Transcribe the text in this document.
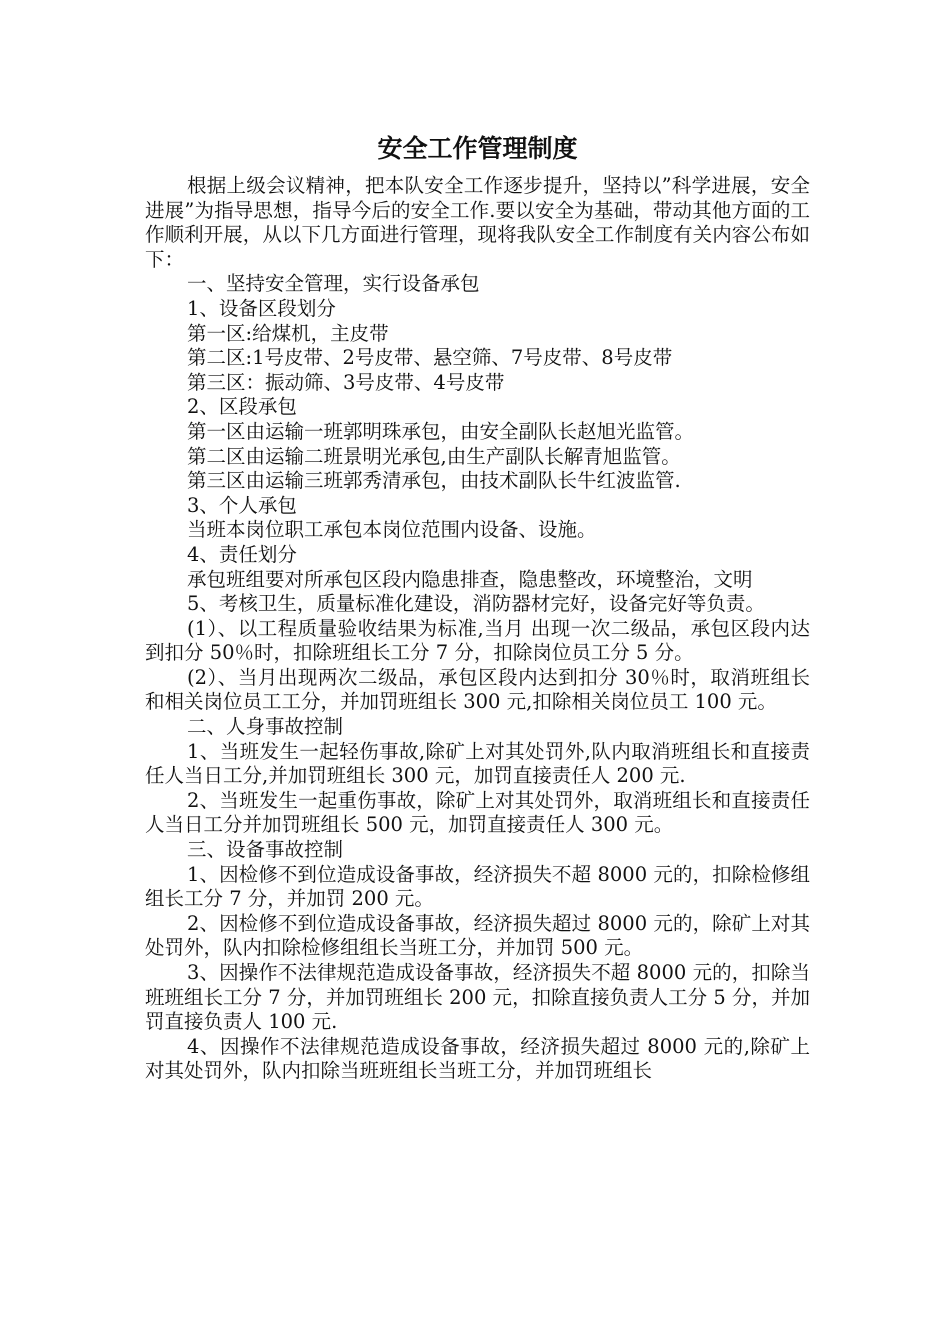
安全工作管理制度

根据上级会议精神，把本队安全工作逐步提升，坚持以”科学进展，安全进展”为指导思想，指导今后的安全工作.要以安全为基础，带动其他方面的工作顺利开展，从以下几方面进行管理，现将我队安全工作制度有关内容公布如下：

一、坚持安全管理，实行设备承包

1、设备区段划分

第一区:给煤机，主皮带

第二区:1号皮带、2号皮带、悬空筛、7号皮带、8号皮带

第三区：振动筛、3号皮带、4号皮带

2、区段承包

第一区由运输一班郭明珠承包，由安全副队长赵旭光监管。

第二区由运输二班景明光承包,由生产副队长解青旭监管。

第三区由运输三班郭秀清承包，由技术副队长牛红波监管.

3、个人承包

当班本岗位职工承包本岗位范围内设备、设施。

4、责任划分

承包班组要对所承包区段内隐患排查，隐患整改，环境整治，文明

5、考核卫生，质量标准化建设，消防器材完好，设备完好等负责。

(1）、以工程质量验收结果为标准,当月 出现一次二级品，承包区段内达到扣分 50％时，扣除班组长工分 7 分，扣除岗位员工分 5 分。

(2）、当月出现两次二级品，承包区段内达到扣分 30％时，取消班组长和相关岗位员工工分，并加罚班组长 300 元,扣除相关岗位员工 100 元。

二、人身事故控制

1、当班发生一起轻伤事故,除矿上对其处罚外,队内取消班组长和直接责任人当日工分,并加罚班组长 300 元，加罚直接责任人 200 元.

2、当班发生一起重伤事故，除矿上对其处罚外，取消班组长和直接责任人当日工分并加罚班组长 500 元，加罚直接责任人 300 元。

三、设备事故控制

1、因检修不到位造成设备事故，经济损失不超 8000 元的，扣除检修组组长工分 7 分，并加罚 200 元。

2、因检修不到位造成设备事故，经济损失超过 8000 元的，除矿上对其处罚外，队内扣除检修组组长当班工分，并加罚 500 元。

3、因操作不法律规范造成设备事故，经济损失不超 8000 元的，扣除当班班组长工分 7 分，并加罚班组长 200 元，扣除直接负责人工分 5 分，并加罚直接负责人 100 元.

4、因操作不法律规范造成设备事故，经济损失超过 8000 元的,除矿上对其处罚外，队内扣除当班班组长当班工分，并加罚班组长
